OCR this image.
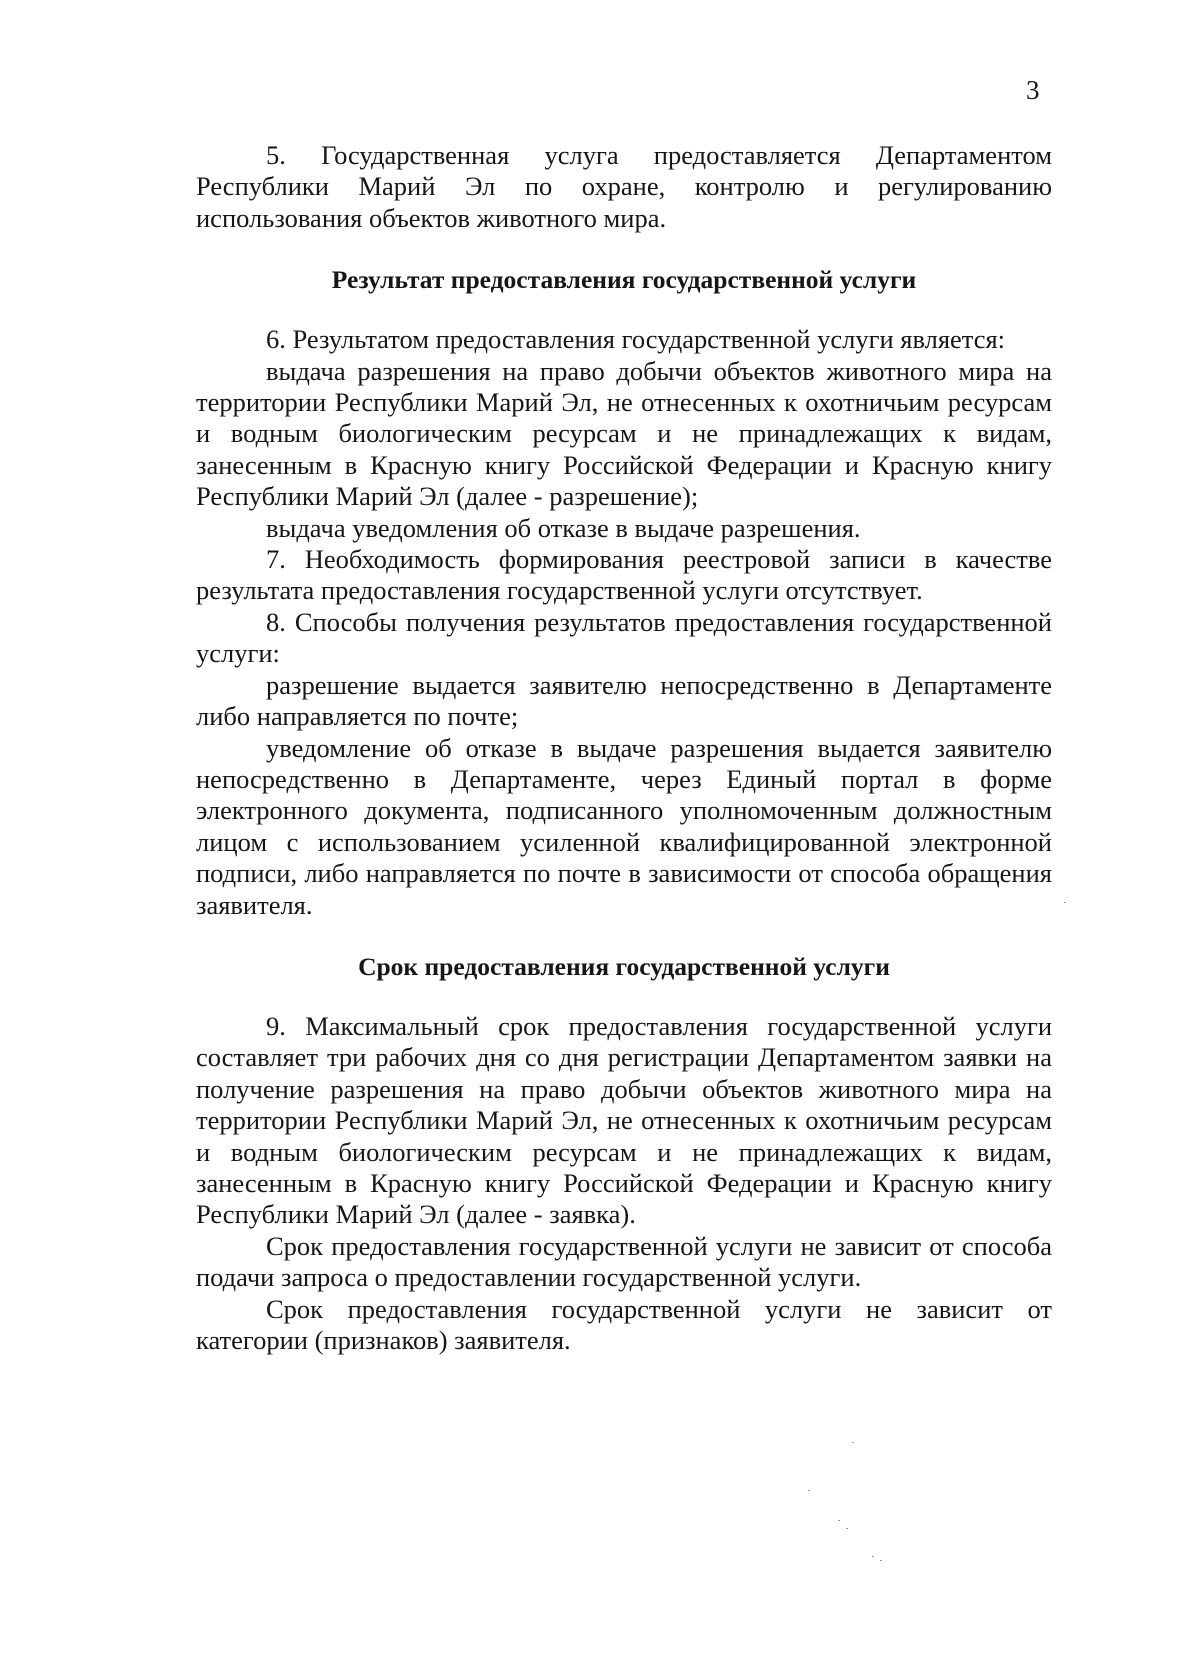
3

5. Государственная услуга предоставляется Департаментом Республики Марий Эл по охране, контролю и регулированию использования объектов животного мира.

Результат предоставления государственной услуги

6. Результатом предоставления государственной услуги является:

выдача разрешения на право добычи объектов животного мира на территории Республики Марий Эл, не отнесенных к охотничьим ресурсам и водным биологическим ресурсам и не принадлежащих к видам, занесенным в Красную книгу Российской Федерации и Красную книгу Республики Марий Эл (далее - разрешение);

выдача уведомления об отказе в выдаче разрешения.

7. Необходимость формирования реестровой записи в качестве результата предоставления государственной услуги отсутствует.

8. Способы получения результатов предоставления государственной услуги:

разрешение выдается заявителю непосредственно в Департаменте либо направляется по почте;

уведомление об отказе в выдаче разрешения выдается заявителю непосредственно в Департаменте, через Единый портал в форме электронного документа, подписанного уполномоченным должностным лицом с использованием усиленной квалифицированной электронной подписи, либо направляется по почте в зависимости от способа обращения заявителя.

Срок предоставления государственной услуги

9. Максимальный срок предоставления государственной услуги составляет три рабочих дня со дня регистрации Департаментом заявки на получение разрешения на право добычи объектов животного мира на территории Республики Марий Эл, не отнесенных к охотничьим ресурсам и водным биологическим ресурсам и не принадлежащих к видам, занесенным в Красную книгу Российской Федерации и Красную книгу Республики Марий Эл (далее - заявка).

Срок предоставления государственной услуги не зависит от способа подачи запроса о предоставлении государственной услуги.

Срок предоставления государственной услуги не зависит от категории (признаков) заявителя.
